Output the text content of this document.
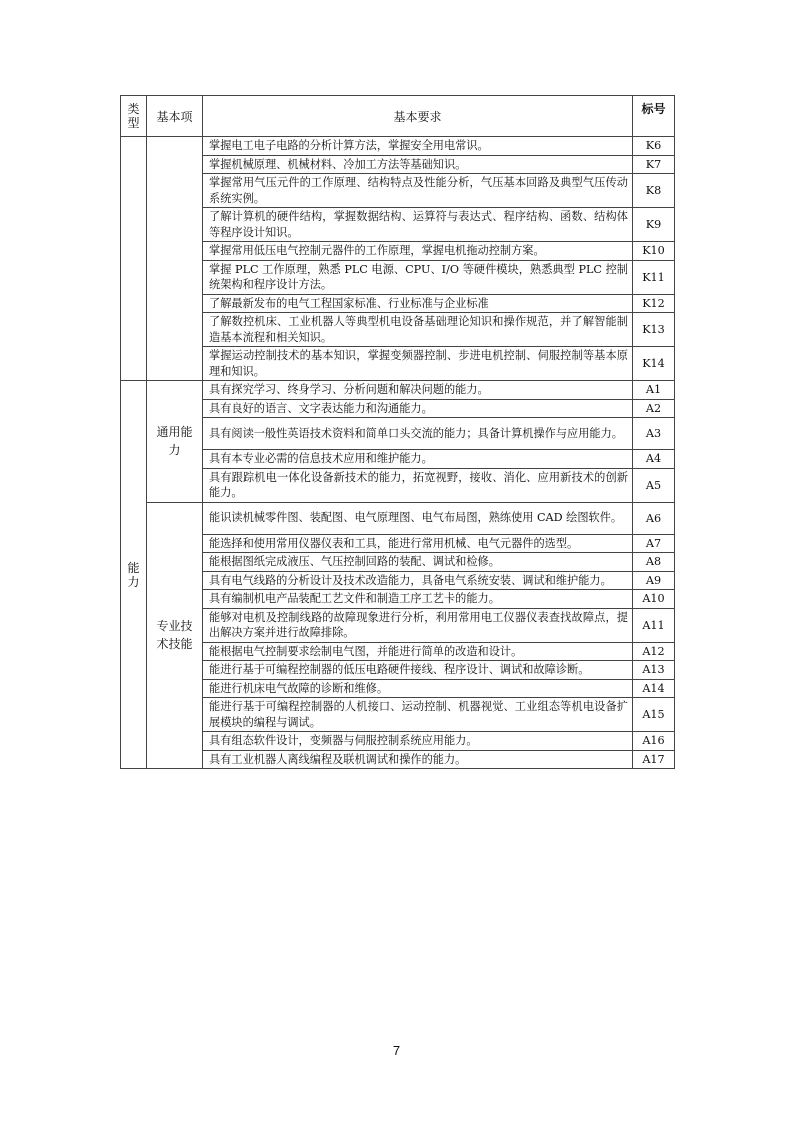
类型	基本项	基本要求	标号
		掌握电工电子电路的分析计算方法，掌握安全用电常识。	K6
		掌握机械原理、机械材料、冷加工方法等基础知识。	K7
		掌握常用气压元件的工作原理、结构特点及性能分析，气压基本回路及典型气压传动系统实例。	K8
		了解计算机的硬件结构，掌握数据结构、运算符与表达式、程序结构、函数、结构体等程序设计知识。	K9
		掌握常用低压电气控制元器件的工作原理，掌握电机拖动控制方案。	K10
		掌握 PLC 工作原理，熟悉 PLC 电源、CPU、I/O 等硬件模块，熟悉典型 PLC 控制统架构和程序设计方法。	K11
		了解最新发布的电气工程国家标准、行业标准与企业标准	K12
		了解数控机床、工业机器人等典型机电设备基础理论知识和操作规范，并了解智能制造基本流程和相关知识。	K13
		掌握运动控制技术的基本知识，掌握变频器控制、步进电机控制、伺服控制等基本原理和知识。	K14
能力	通用能力	具有探究学习、终身学习、分析问题和解决问题的能力。	A1
		具有良好的语言、文字表达能力和沟通能力。	A2
		具有阅读一般性英语技术资料和简单口头交流的能力；具备计算机操作与应用能力。	A3
		具有本专业必需的信息技术应用和维护能力。	A4
		具有跟踪机电一体化设备新技术的能力，拓宽视野，接收、消化、应用新技术的创新能力。	A5
	专业技术技能	能识读机械零件图、装配图、电气原理图、电气布局图，熟练使用 CAD 绘图软件。	A6
		能选择和使用常用仪器仪表和工具，能进行常用机械、电气元器件的选型。	A7
		能根据图纸完成液压、气压控制回路的装配、调试和检修。	A8
		具有电气线路的分析设计及技术改造能力，具备电气系统安装、调试和维护能力。	A9
		具有编制机电产品装配工艺文件和制造工序工艺卡的能力。	A10
		能够对电机及控制线路的故障现象进行分析，利用常用电工仪器仪表查找故障点，提出解决方案并进行故障排除。	A11
		能根据电气控制要求绘制电气图，并能进行简单的改造和设计。	A12
		能进行基于可编程控制器的低压电路硬件接线、程序设计、调试和故障诊断。	A13
		能进行机床电气故障的诊断和维修。	A14
		能进行基于可编程控制器的人机接口、运动控制、机器视觉、工业组态等机电设备扩展模块的编程与调试。	A15
		具有组态软件设计，变频器与伺服控制系统应用能力。	A16
		具有工业机器人离线编程及联机调试和操作的能力。	A17
7
